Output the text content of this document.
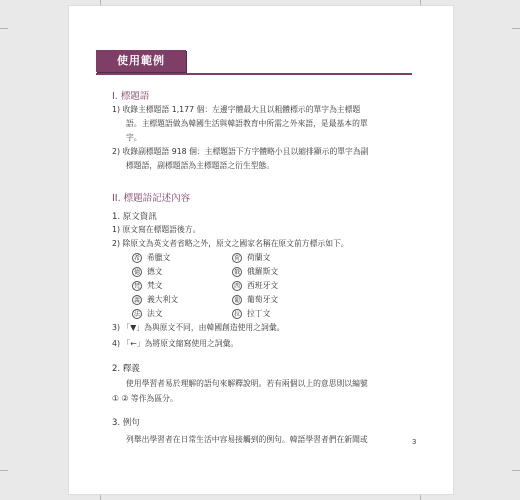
使用範例
I. 標題語
1) 收錄主標題語 1,177 個：左邊字體最大且以粗體標示的單字為主標題
語。主標題語做為韓國生活與韓語教育中所需之外來語，是最基本的單
字。
2) 收錄副標題語 918 個：主標題語下方字體略小且以縮排顯示的單字為副
標題語，副標題語為主標題語之衍生型態。
II. 標題語記述內容
1. 原文資訊
1) 原文寫在標題語後方。
2) 除原文為英文者省略之外，原文之國家名稱在原文前方標示如下。
希 希臘文	荷 荷蘭文
德 德文	俄 俄羅斯文
梵 梵文	西 西班牙文
義 義大利文	葡 葡萄牙文
法 法文	拉 拉丁文
3) 「▼」為與原文不同，由韓國創造使用之詞彙。
4) 「←」為將原文縮寫使用之詞彙。
2. 釋義
使用學習者易於理解的語句來解釋說明。若有兩個以上的意思則以編號
① ② 等作為區分。
3. 例句
列舉出學習者在日常生活中容易接觸到的例句。韓語學習者們在新聞或	3
